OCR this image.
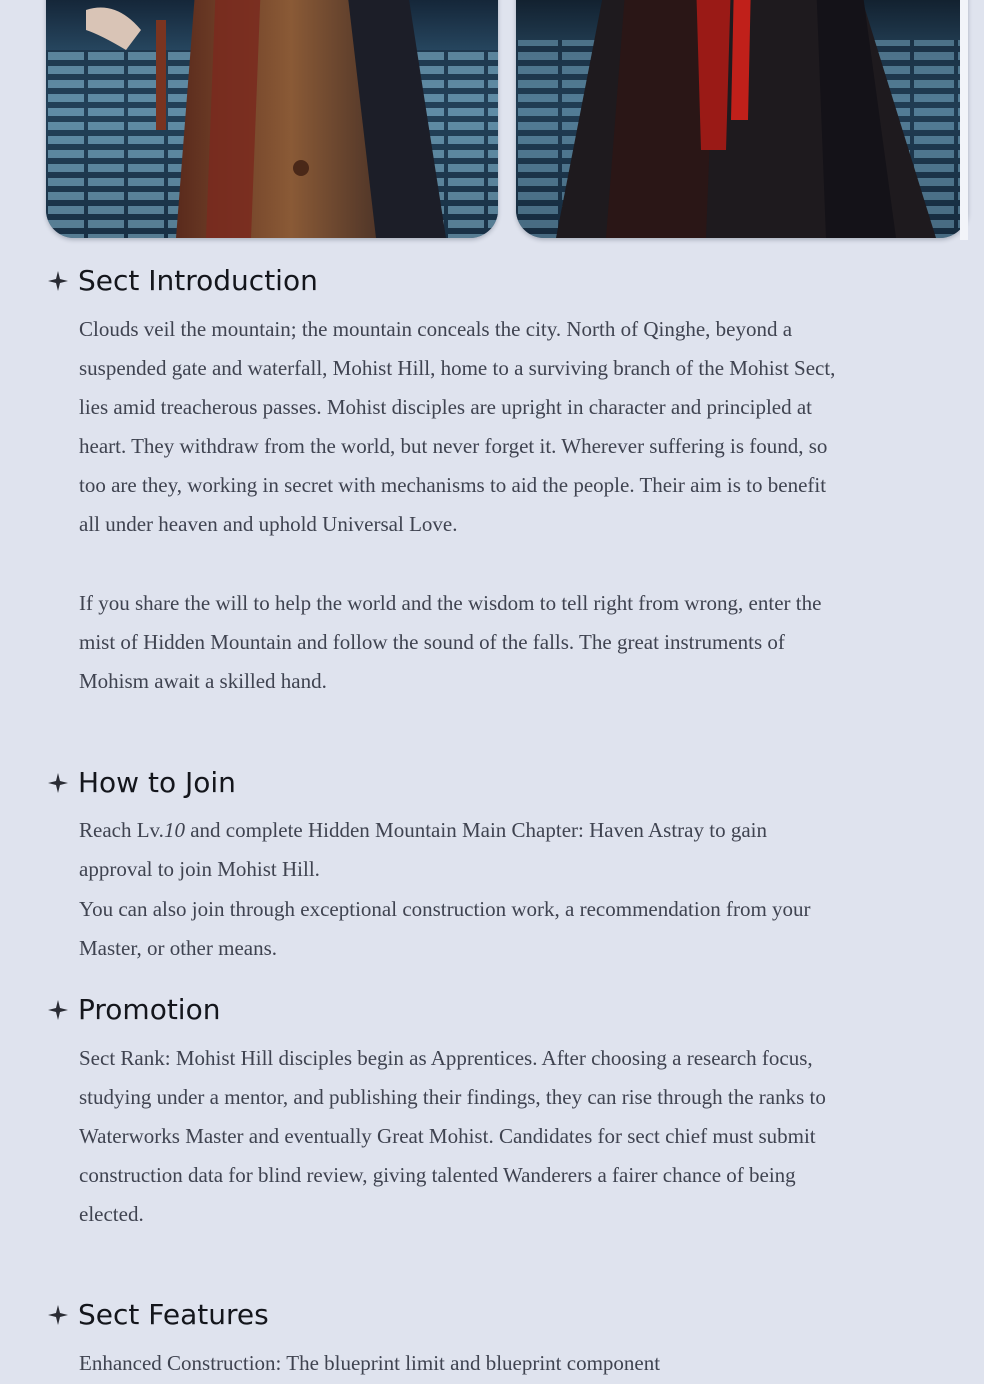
Sect Introduction

Clouds veil the mountain; the mountain conceals the city. North of Qinghe, beyond a suspended gate and waterfall, Mohist Hill, home to a surviving branch of the Mohist Sect, lies amid treacherous passes. Mohist disciples are upright in character and principled at heart. They withdraw from the world, but never forget it. Wherever suffering is found, so too are they, working in secret with mechanisms to aid the people. Their aim is to benefit all under heaven and uphold Universal Love.

If you share the will to help the world and the wisdom to tell right from wrong, enter the mist of Hidden Mountain and follow the sound of the falls. The great instruments of Mohism await a skilled hand.

How to Join

Reach Lv.10 and complete Hidden Mountain Main Chapter: Haven Astray to gain approval to join Mohist Hill.

You can also join through exceptional construction work, a recommendation from your Master, or other means.

Promotion

Sect Rank: Mohist Hill disciples begin as Apprentices. After choosing a research focus, studying under a mentor, and publishing their findings, they can rise through the ranks to Waterworks Master and eventually Great Mohist. Candidates for sect chief must submit construction data for blind review, giving talented Wanderers a fairer chance of being elected.

Sect Features

Enhanced Construction: The blueprint limit and blueprint component
